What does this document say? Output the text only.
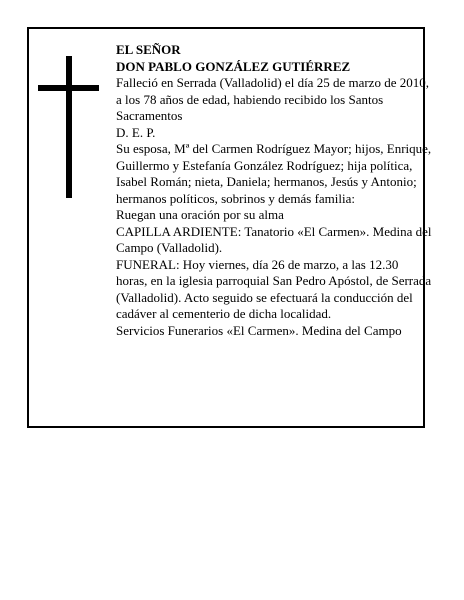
EL SEÑOR

DON PABLO GONZÁLEZ GUTIÉRREZ

Falleció en Serrada (Valladolid) el día 25 de marzo de 2010, a los 78 años de edad, habiendo recibido los Santos Sacramentos

D. E. P.

Su esposa, Mª del Carmen Rodríguez Mayor; hijos, Enrique, Guillermo y Estefanía González Rodríguez; hija política, Isabel Román; nieta, Daniela; hermanos, Jesús y Antonio; hermanos políticos, sobrinos y demás familia:

Ruegan una oración por su alma

CAPILLA ARDIENTE: Tanatorio «El Carmen». Medina del Campo (Valladolid).

FUNERAL: Hoy viernes, día 26 de marzo, a las 12.30 horas, en la iglesia parroquial San Pedro Apóstol, de Serrada (Valladolid). Acto seguido se efectuará la conducción del cadáver al cementerio de dicha localidad.

Servicios Funerarios «El Carmen». Medina del Campo
